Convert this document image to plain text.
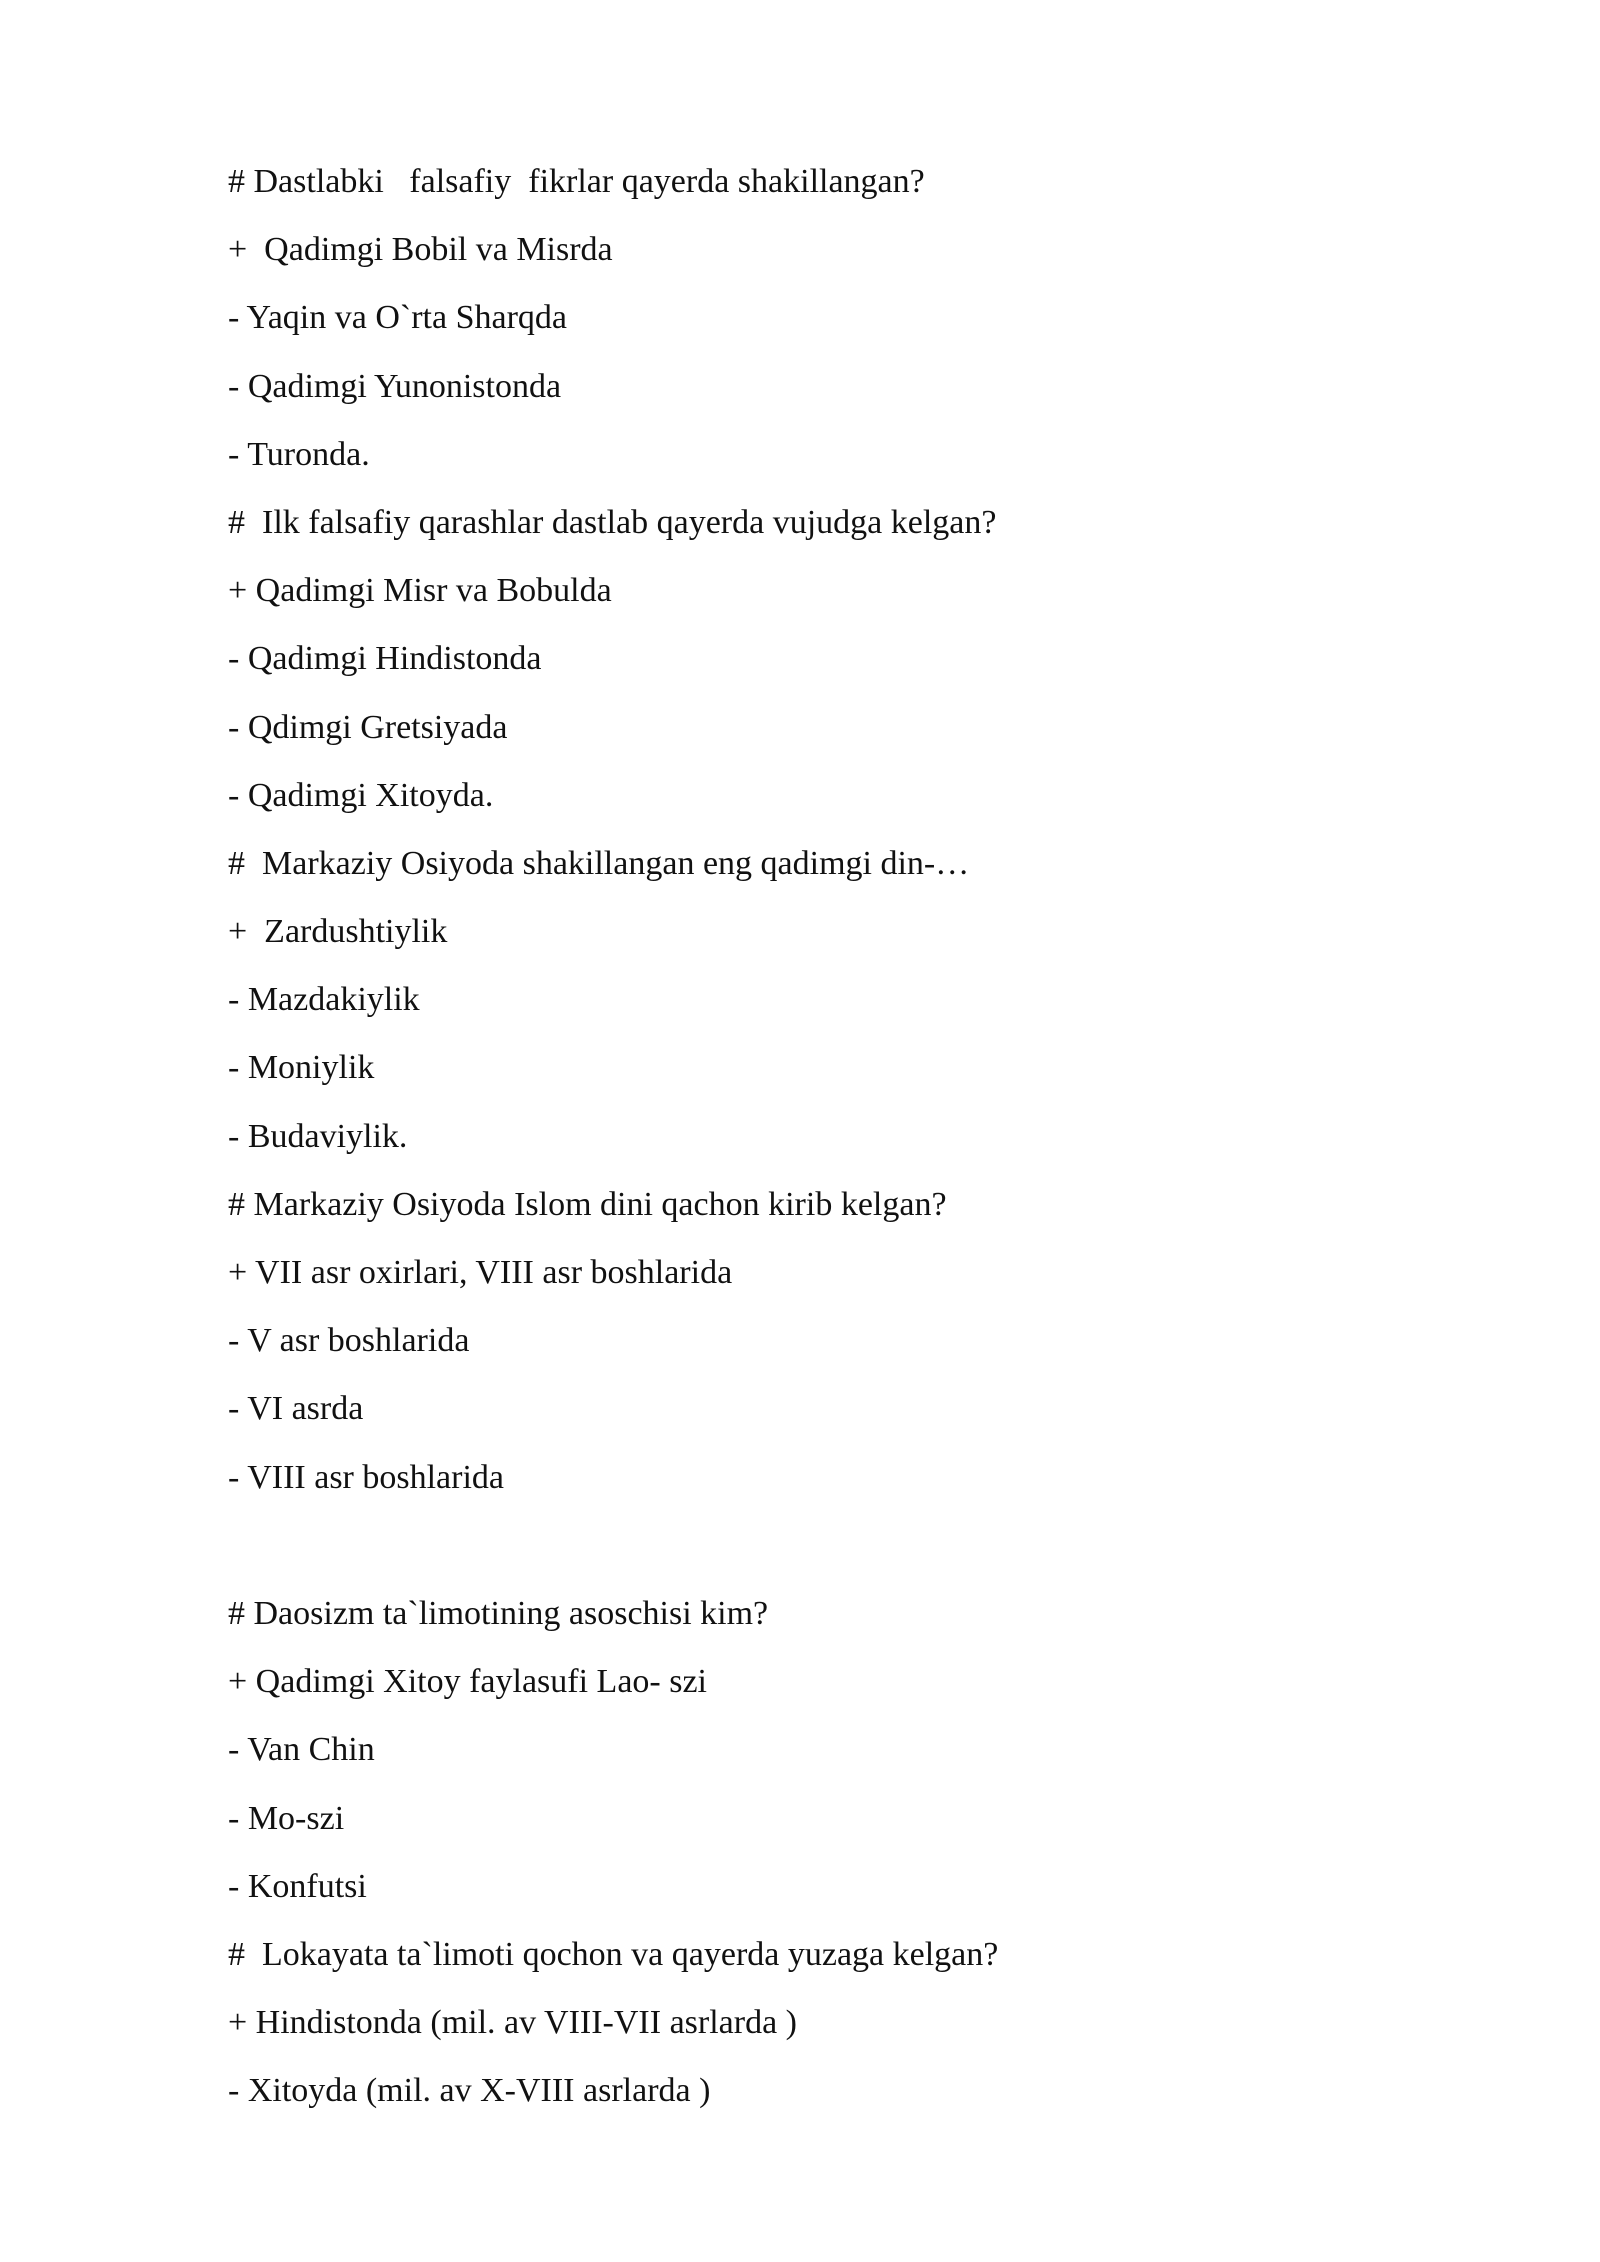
# Dastlabki   falsafiy  fikrlar qayerda shakillangan?
+  Qadimgi Bobil va Misrda
- Yaqin va O`rta Sharqda
- Qadimgi Yunonistonda
- Turonda.
#  Ilk falsafiy qarashlar dastlab qayerda vujudga kelgan?
+ Qadimgi Misr va Bobulda
- Qadimgi Hindistonda
- Qdimgi Gretsiyada
- Qadimgi Xitoyda.
#  Markaziy Osiyoda shakillangan eng qadimgi din-…
+  Zardushtiylik
- Mazdakiylik
- Moniylik
- Budaviylik.
# Markaziy Osiyoda Islom dini qachon kirib kelgan?
+ VII asr oxirlari, VIII asr boshlarida
- V asr boshlarida
- VI asrda
- VIII asr boshlarida
# Daosizm ta`limotining asoschisi kim?
+ Qadimgi Xitoy faylasufi Lao- szi
- Van Chin
- Mo-szi
- Konfutsi
#  Lokayata ta`limoti qochon va qayerda yuzaga kelgan?
+ Hindistonda (mil. av VIII-VII asrlarda )
- Xitoyda (mil. av X-VIII asrlarda )
